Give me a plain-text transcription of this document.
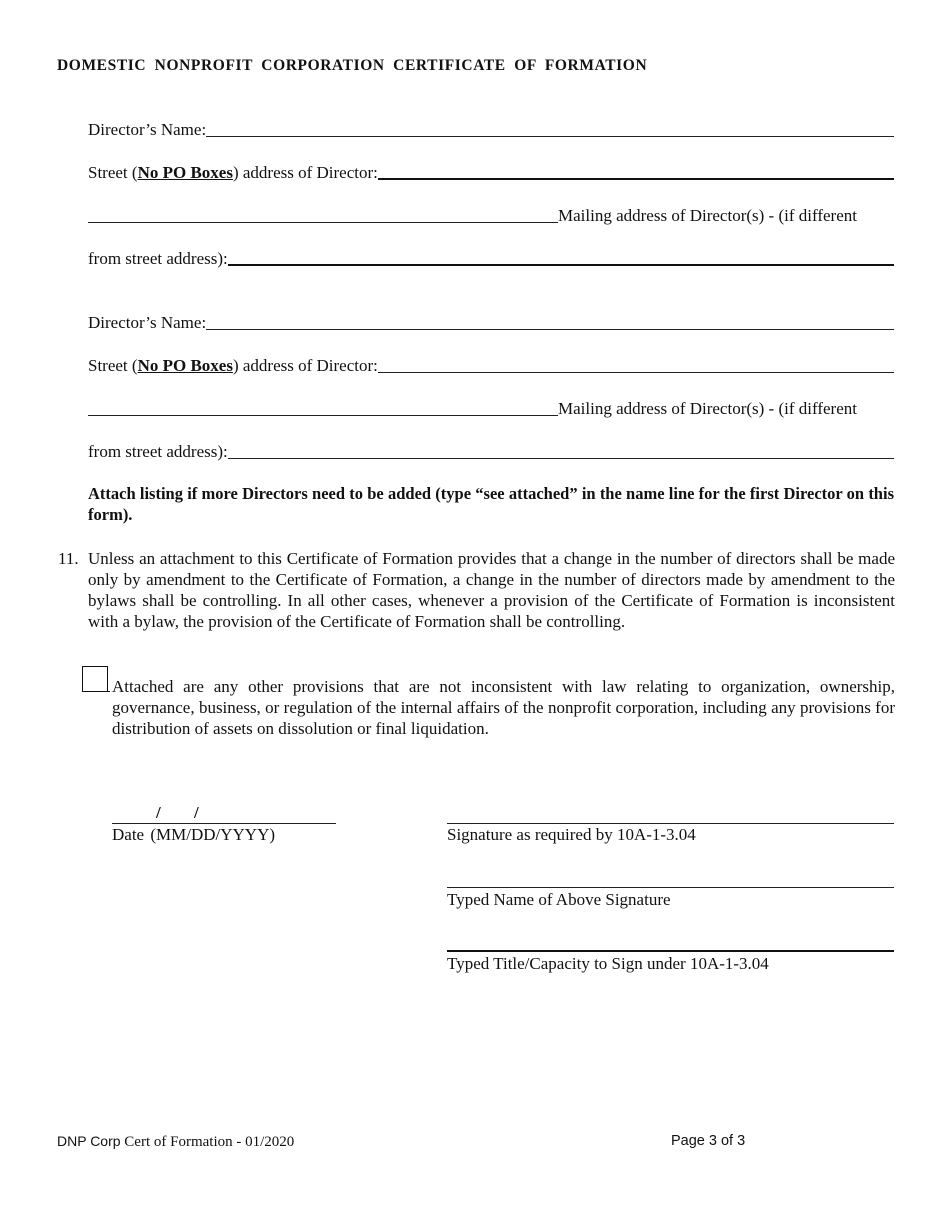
DOMESTIC NONPROFIT CORPORATION CERTIFICATE OF FORMATION
Director’s Name:
Street (No PO Boxes) address of Director:
Mailing address of Director(s) - (if different
from street address):
Director’s Name:
Street (No PO Boxes) address of Director:
Mailing address of Director(s) - (if different
from street address):
Attach listing if more Directors need to be added (type “see attached” in the name line for the first Director on this form).
11. Unless an attachment to this Certificate of Formation provides that a change in the number of directors shall be made only by amendment to the Certificate of Formation, a change in the number of directors made by amendment to the bylaws shall be controlling. In all other cases, whenever a provision of the Certificate of Formation is inconsistent with a bylaw, the provision of the Certificate of Formation shall be controlling.
Attached are any other provisions that are not inconsistent with law relating to organization, ownership, governance, business, or regulation of the internal affairs of the nonprofit corporation, including any provisions for distribution of assets on dissolution or final liquidation.
/ /
Date (MM/DD/YYYY)	Signature as required by 10A-1-3.04
Typed Name of Above Signature
Typed Title/Capacity to Sign under 10A-1-3.04
DNP Corp Cert of Formation - 01/2020	Page 3 of 3
